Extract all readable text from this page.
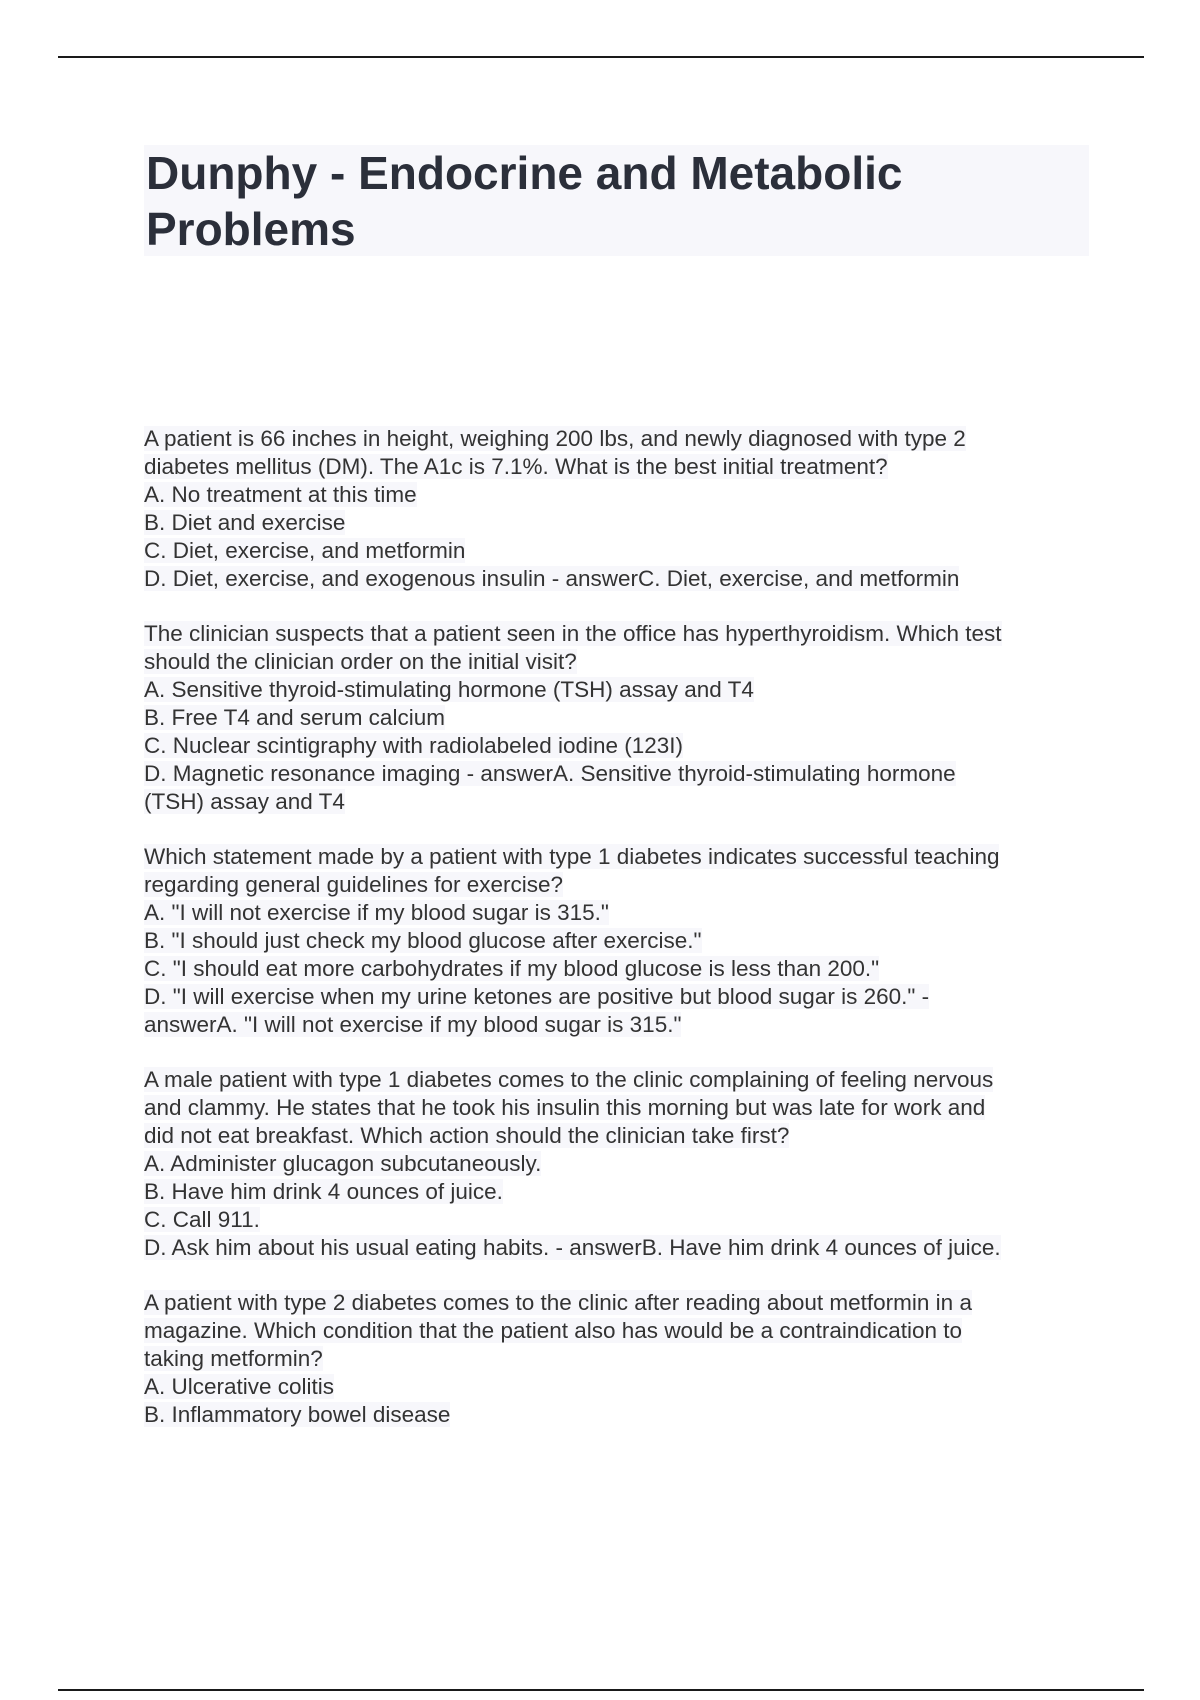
Dunphy - Endocrine and Metabolic Problems
A patient is 66 inches in height, weighing 200 lbs, and newly diagnosed with type 2
diabetes mellitus (DM). The A1c is 7.1%. What is the best initial treatment?
A. No treatment at this time
B. Diet and exercise
C. Diet, exercise, and metformin
D. Diet, exercise, and exogenous insulin - answerC. Diet, exercise, and metformin
The clinician suspects that a patient seen in the office has hyperthyroidism. Which test
should the clinician order on the initial visit?
A. Sensitive thyroid-stimulating hormone (TSH) assay and T4
B. Free T4 and serum calcium
C. Nuclear scintigraphy with radiolabeled iodine (123I)
D. Magnetic resonance imaging - answerA. Sensitive thyroid-stimulating hormone
(TSH) assay and T4
Which statement made by a patient with type 1 diabetes indicates successful teaching
regarding general guidelines for exercise?
A. "I will not exercise if my blood sugar is 315."
B. "I should just check my blood glucose after exercise."
C. "I should eat more carbohydrates if my blood glucose is less than 200."
D. "I will exercise when my urine ketones are positive but blood sugar is 260." -
answerA. "I will not exercise if my blood sugar is 315."
A male patient with type 1 diabetes comes to the clinic complaining of feeling nervous
and clammy. He states that he took his insulin this morning but was late for work and
did not eat breakfast. Which action should the clinician take first?
A. Administer glucagon subcutaneously.
B. Have him drink 4 ounces of juice.
C. Call 911.
D. Ask him about his usual eating habits. - answerB. Have him drink 4 ounces of juice.
A patient with type 2 diabetes comes to the clinic after reading about metformin in a
magazine. Which condition that the patient also has would be a contraindication to
taking metformin?
A. Ulcerative colitis
B. Inflammatory bowel disease
